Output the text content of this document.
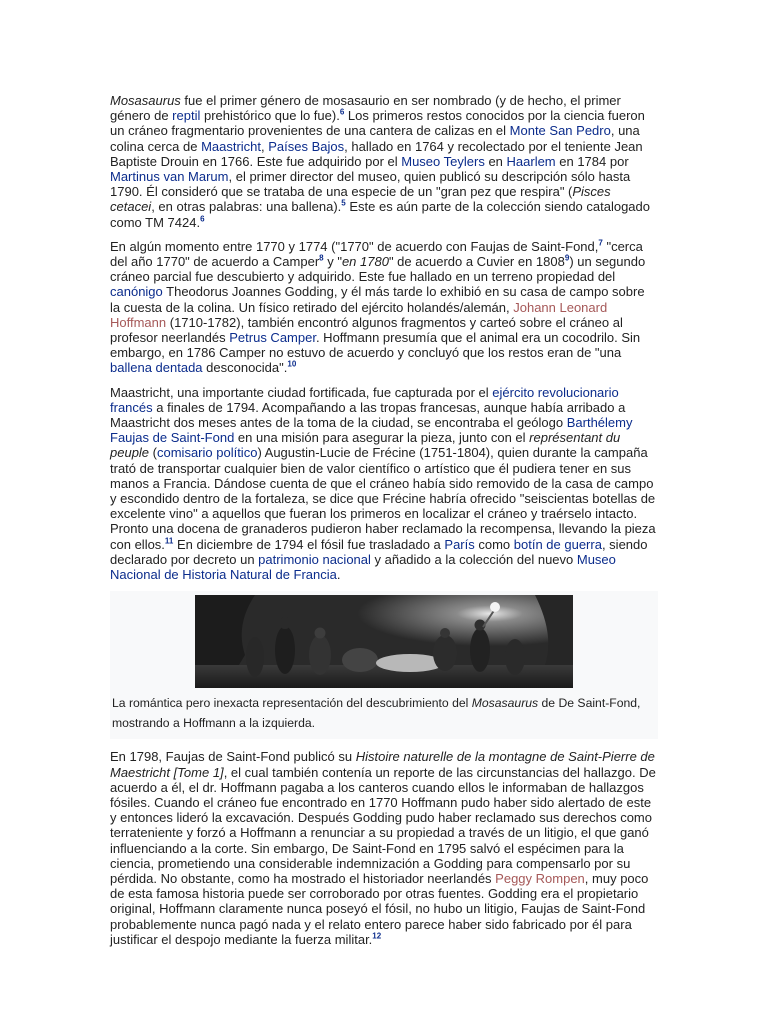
Mosasaurus fue el primer género de mosasaurio en ser nombrado (y de hecho, el primer género de reptil prehistórico que lo fue).$^6$ Los primeros restos conocidos por la ciencia fueron un cráneo fragmentario provenientes de una cantera de calizas en el Monte San Pedro, una colina cerca de Maastricht, Países Bajos, hallado en 1764 y recolectado por el teniente Jean Baptiste Drouin en 1766. Este fue adquirido por el Museo Teylers en Haarlem en 1784 por Martinus van Marum, el primer director del museo, quien publicó su descripción sólo hasta 1790. Él consideró que se trataba de una especie de un "gran pez que respira" (Pisces cetacei, en otras palabras: una ballena).$^5$ Este es aún parte de la colección siendo catalogado como TM 7424.$^6$

En algún momento entre 1770 y 1774 ("1770" de acuerdo con Faujas de Saint-Fond,$^7$ "cerca del año 1770" de acuerdo a Camper$^8$ y "en 1780" de acuerdo a Cuvier en 1808$^9$) un segundo cráneo parcial fue descubierto y adquirido. Este fue hallado en un terreno propiedad del canónigo Theodorus Joannes Godding, y él más tarde lo exhibió en su casa de campo sobre la cuesta de la colina. Un físico retirado del ejército holandés/alemán, Johann Leonard Hoffmann (1710-1782), también encontró algunos fragmentos y carteó sobre el cráneo al profesor neerlandés Petrus Camper. Hoffmann presumía que el animal era un cocodrilo. Sin embargo, en 1786 Camper no estuvo de acuerdo y concluyó que los restos eran de "una ballena dentada desconocida".$^{10}$

Maastricht, una importante ciudad fortificada, fue capturada por el ejército revolucionario francés a finales de 1794. Acompañando a las tropas francesas, aunque había arribado a Maastricht dos meses antes de la toma de la ciudad, se encontraba el geólogo Barthélemy Faujas de Saint-Fond en una misión para asegurar la pieza, junto con el représentant du peuple (comisario político) Augustin-Lucie de Frécine (1751-1804), quien durante la campaña trató de transportar cualquier bien de valor científico o artístico que él pudiera tener en sus manos a Francia. Dándose cuenta de que el cráneo había sido removido de la casa de campo y escondido dentro de la fortaleza, se dice que Frécine habría ofrecido "seiscientas botellas de excelente vino" a aquellos que fueran los primeros en localizar el cráneo y traérselo intacto. Pronto una docena de granaderos pudieron haber reclamado la recompensa, llevando la pieza con ellos.$^{11}$ En diciembre de 1794 el fósil fue trasladado a París como botín de guerra, siendo declarado por decreto un patrimonio nacional y añadido a la colección del nuevo Museo Nacional de Historia Natural de Francia.

La romántica pero inexacta representación del descubrimiento del Mosasaurus de De Saint-Fond, mostrando a Hoffmann a la izquierda.

En 1798, Faujas de Saint-Fond publicó su Histoire naturelle de la montagne de Saint-Pierre de Maestricht [Tome 1], el cual también contenía un reporte de las circunstancias del hallazgo. De acuerdo a él, el dr. Hoffmann pagaba a los canteros cuando ellos le informaban de hallazgos fósiles. Cuando el cráneo fue encontrado en 1770 Hoffmann pudo haber sido alertado de este y entonces lideró la excavación. Después Godding pudo haber reclamado sus derechos como terrateniente y forzó a Hoffmann a renunciar a su propiedad a través de un litigio, el que ganó influenciando a la corte. Sin embargo, De Saint-Fond en 1795 salvó el espécimen para la ciencia, prometiendo una considerable indemnización a Godding para compensarlo por su pérdida. No obstante, como ha mostrado el historiador neerlandés Peggy Rompen, muy poco de esta famosa historia puede ser corroborado por otras fuentes. Godding era el propietario original, Hoffmann claramente nunca poseyó el fósil, no hubo un litigio, Faujas de Saint-Fond probablemente nunca pagó nada y el relato entero parece haber sido fabricado por él para justificar el despojo mediante la fuerza militar.$^{12}$
